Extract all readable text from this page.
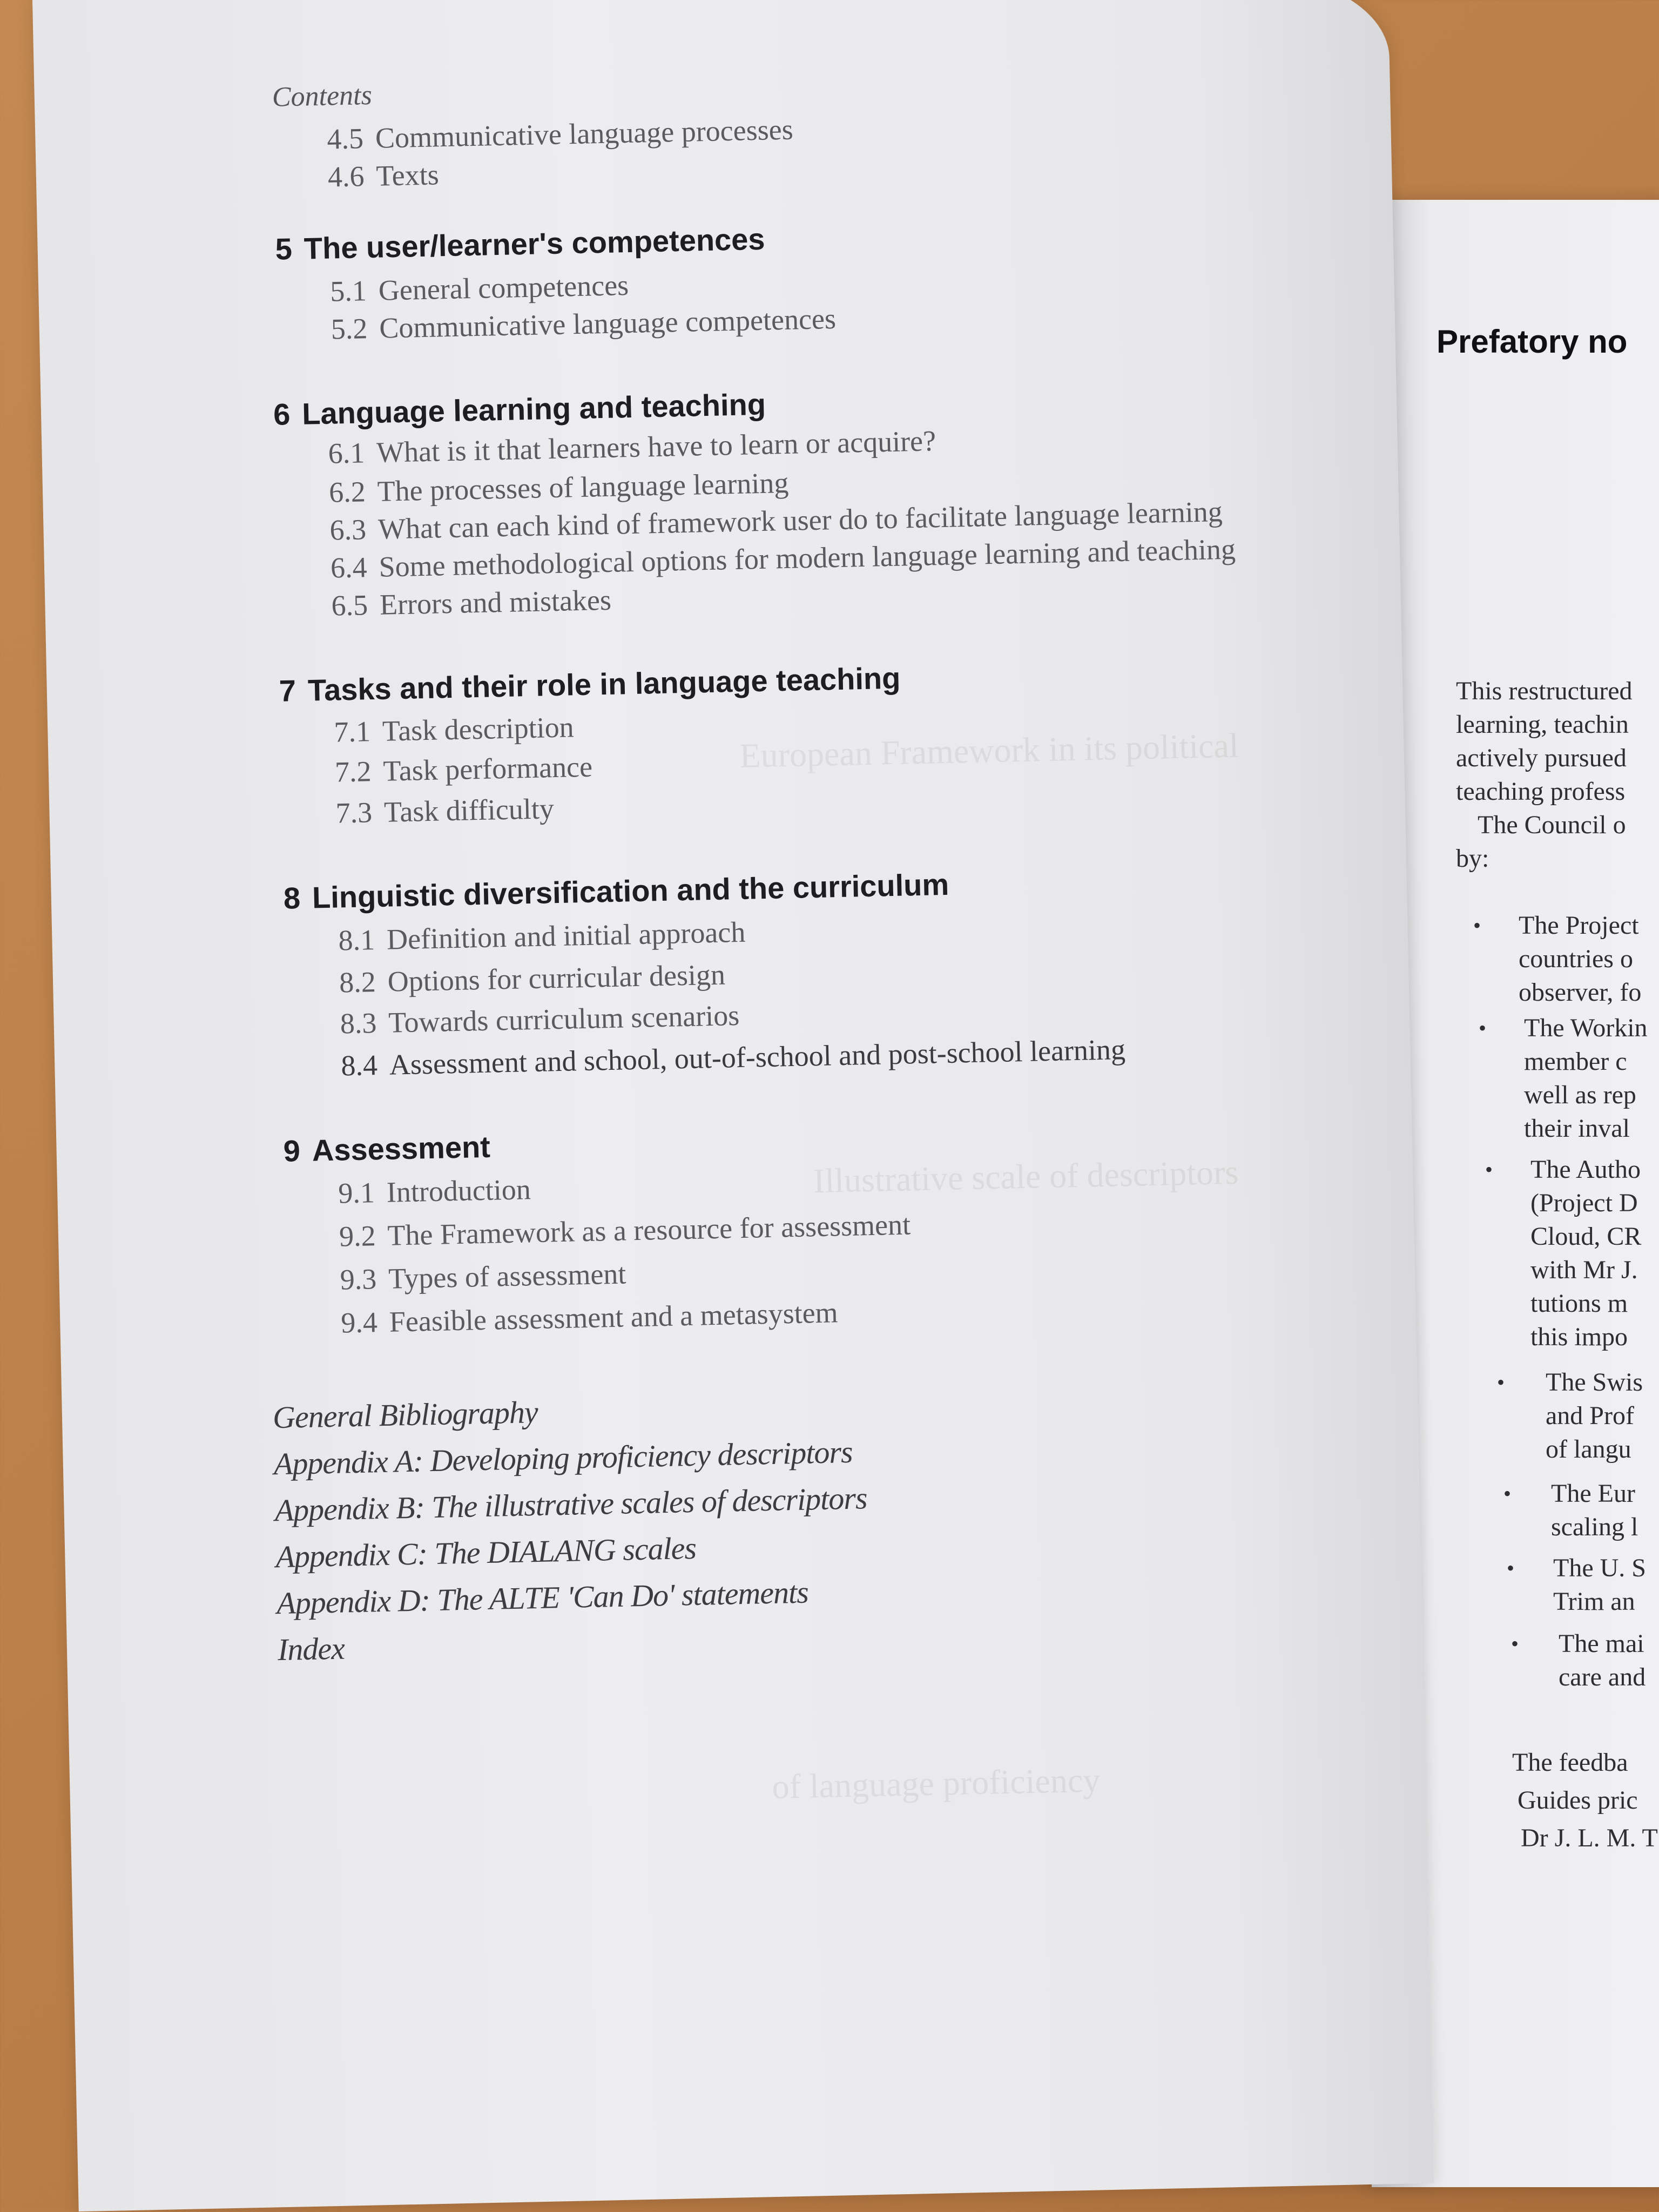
European Framework in its political
Illustrative scale of descriptors
of language proficiency
Contents
4.5 Communicative language processes
4.6 Texts
5 The user/learner's competences
5.1 General competences
5.2 Communicative language competences
6 Language learning and teaching
6.1 What is it that learners have to learn or acquire?
6.2 The processes of language learning
6.3 What can each kind of framework user do to facilitate language learning
6.4 Some methodological options for modern language learning and teaching
6.5 Errors and mistakes
7 Tasks and their role in language teaching
7.1 Task description
7.2 Task performance
7.3 Task difficulty
8 Linguistic diversification and the curriculum
8.1 Definition and initial approach
8.2 Options for curricular design
8.3 Towards curriculum scenarios
8.4 Assessment and school, out-of-school and post-school learning
9 Assessment
9.1 Introduction
9.2 The Framework as a resource for assessment
9.3 Types of assessment
9.4 Feasible assessment and a metasystem
General Bibliography
Appendix A: Developing proficiency descriptors
Appendix B: The illustrative scales of descriptors
Appendix C: The DIALANG scales
Appendix D: The ALTE 'Can Do' statements
Index
Prefatory no
This restructured
learning, teachin
actively pursued
teaching profess
The Council o
by:
• The Project
countries o
observer, fo
• The Workin
member c
well as rep
their inval
• The Autho
(Project D
Cloud, CR
with Mr J.
tutions m
this impo
• The Swis
and Prof
of langu
• The Eur
scaling l
• The U. S
Trim an
• The mai
care and
The feedba
Guides pric
Dr J. L. M. T
